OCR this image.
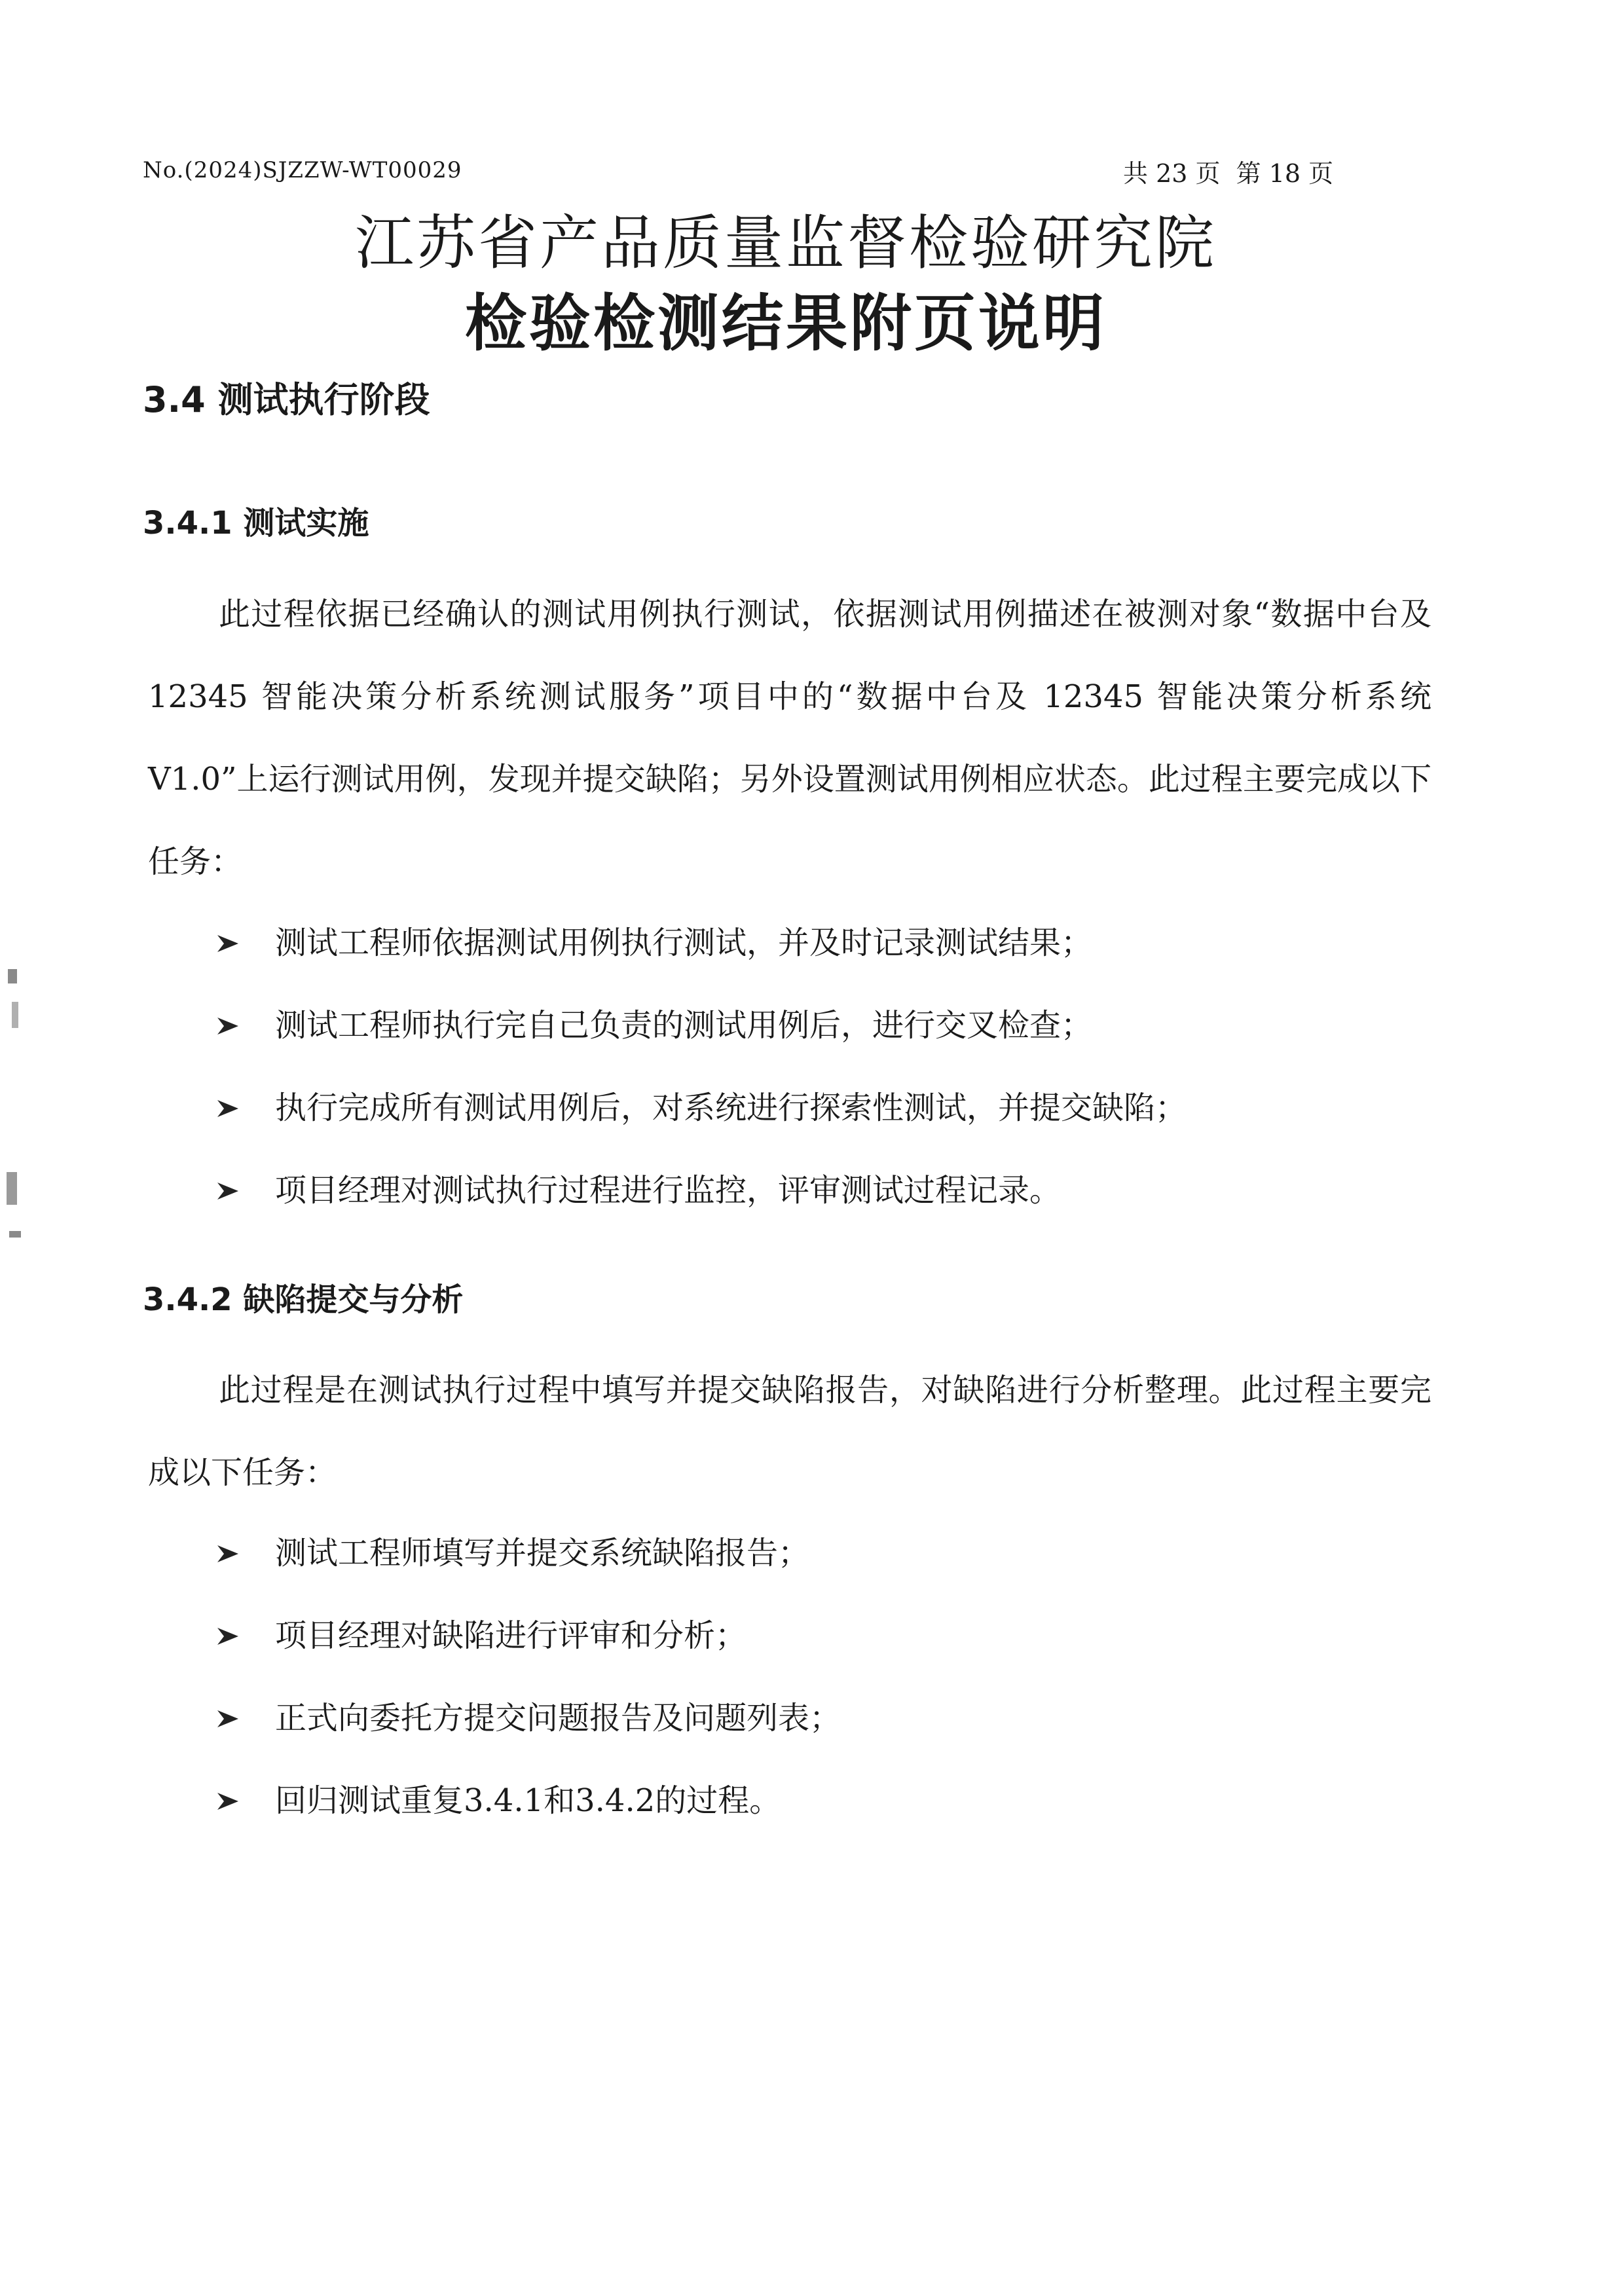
No.(2024)SJZZW-WT00029	共 23 页  第 18 页
江苏省产品质量监督检验研究院
检验检测结果附页说明
3.4 测试执行阶段
3.4.1 测试实施

此过程依据已经确认的测试用例执行测试，依据测试用例描述在被测对象“数据中台及 12345 智能决策分析系统测试服务”项目中的“数据中台及 12345 智能决策分析系统 V1.0”上运行测试用例，发现并提交缺陷；另外设置测试用例相应状态。此过程主要完成以下任务：

测试工程师依据测试用例执行测试，并及时记录测试结果；
测试工程师执行完自己负责的测试用例后，进行交叉检查；
执行完成所有测试用例后，对系统进行探索性测试，并提交缺陷；
项目经理对测试执行过程进行监控，评审测试过程记录。
3.4.2 缺陷提交与分析

此过程是在测试执行过程中填写并提交缺陷报告，对缺陷进行分析整理。此过程主要完成以下任务：

测试工程师填写并提交系统缺陷报告；
项目经理对缺陷进行评审和分析；
正式向委托方提交问题报告及问题列表；
回归测试重复3.4.1和3.4.2的过程。
